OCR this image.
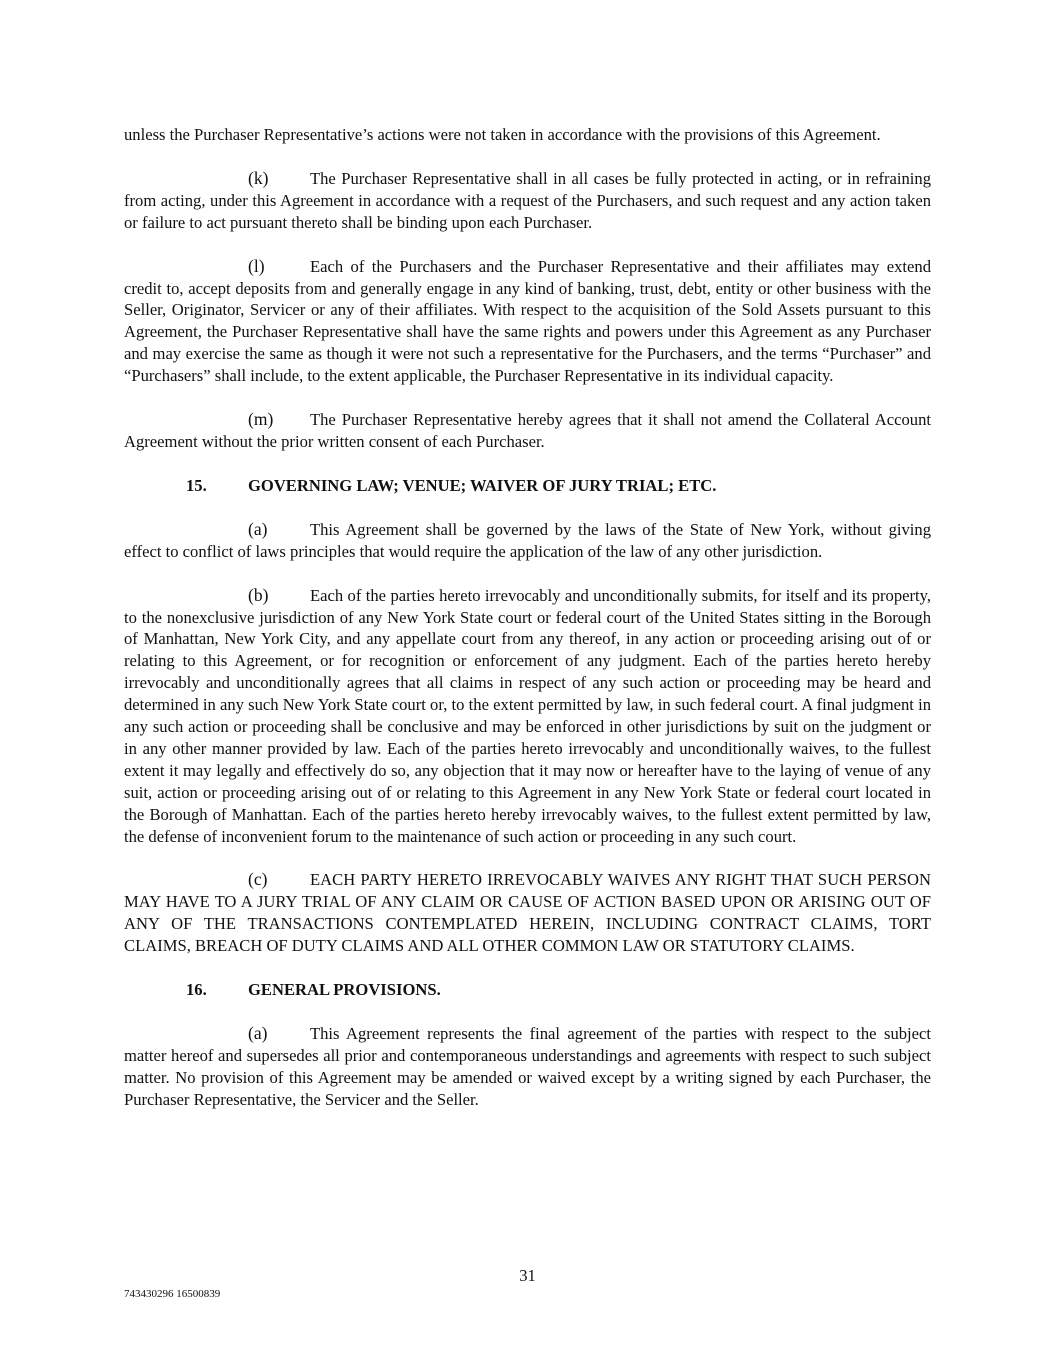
unless the Purchaser Representative’s actions were not taken in accordance with the provisions of this Agreement.

(k)	The Purchaser Representative shall in all cases be fully protected in acting, or in refraining from acting, under this Agreement in accordance with a request of the Purchasers, and such request and any action taken or failure to act pursuant thereto shall be binding upon each Purchaser.

(l)	Each of the Purchasers and the Purchaser Representative and their affiliates may extend credit to, accept deposits from and generally engage in any kind of banking, trust, debt, entity or other business with the Seller, Originator, Servicer or any of their affiliates. With respect to the acquisition of the Sold Assets pursuant to this Agreement, the Purchaser Representative shall have the same rights and powers under this Agreement as any Purchaser and may exercise the same as though it were not such a representative for the Purchasers, and the terms “Purchaser” and “Purchasers” shall include, to the extent applicable, the Purchaser Representative in its individual capacity.

(m) The Purchaser Representative hereby agrees that it shall not amend the Collateral Account Agreement without the prior written consent of each Purchaser.

15. GOVERNING LAW; VENUE; WAIVER OF JURY TRIAL; ETC.

(a)	This Agreement shall be governed by the laws of the State of New York, without giving effect to conflict of laws principles that would require the application of the law of any other jurisdiction.

(b)	Each of the parties hereto irrevocably and unconditionally submits, for itself and its property, to the nonexclusive jurisdiction of any New York State court or federal court of the United States sitting in the Borough of Manhattan, New York City, and any appellate court from any thereof, in any action or proceeding arising out of or relating to this Agreement, or for recognition or enforcement of any judgment. Each of the parties hereto hereby irrevocably and unconditionally agrees that all claims in respect of any such action or proceeding may be heard and determined in any such New York State court or, to the extent permitted by law, in such federal court. A final judgment in any such action or proceeding shall be conclusive and may be enforced in other jurisdictions by suit on the judgment or in any other manner provided by law. Each of the parties hereto irrevocably and unconditionally waives, to the fullest extent it may legally and effectively do so, any objection that it may now or hereafter have to the laying of venue of any suit, action or proceeding arising out of or relating to this Agreement in any New York State or federal court located in the Borough of Manhattan. Each of the parties hereto hereby irrevocably waives, to the fullest extent permitted by law, the defense of inconvenient forum to the maintenance of such action or proceeding in any such court.

(c)	EACH PARTY HERETO IRREVOCABLY WAIVES ANY RIGHT THAT SUCH PERSON MAY HAVE TO A JURY TRIAL OF ANY CLAIM OR CAUSE OF ACTION BASED UPON OR ARISING OUT OF ANY OF THE TRANSACTIONS CONTEMPLATED HEREIN, INCLUDING CONTRACT CLAIMS, TORT CLAIMS, BREACH OF DUTY CLAIMS AND ALL OTHER COMMON LAW OR STATUTORY CLAIMS.

16. GENERAL PROVISIONS.

(a)	This Agreement represents the final agreement of the parties with respect to the subject matter hereof and supersedes all prior and contemporaneous understandings and agreements with respect to such subject matter. No provision of this Agreement may be amended or waived except by a writing signed by each Purchaser, the Purchaser Representative, the Servicer and the Seller.

31
743430296 16500839
